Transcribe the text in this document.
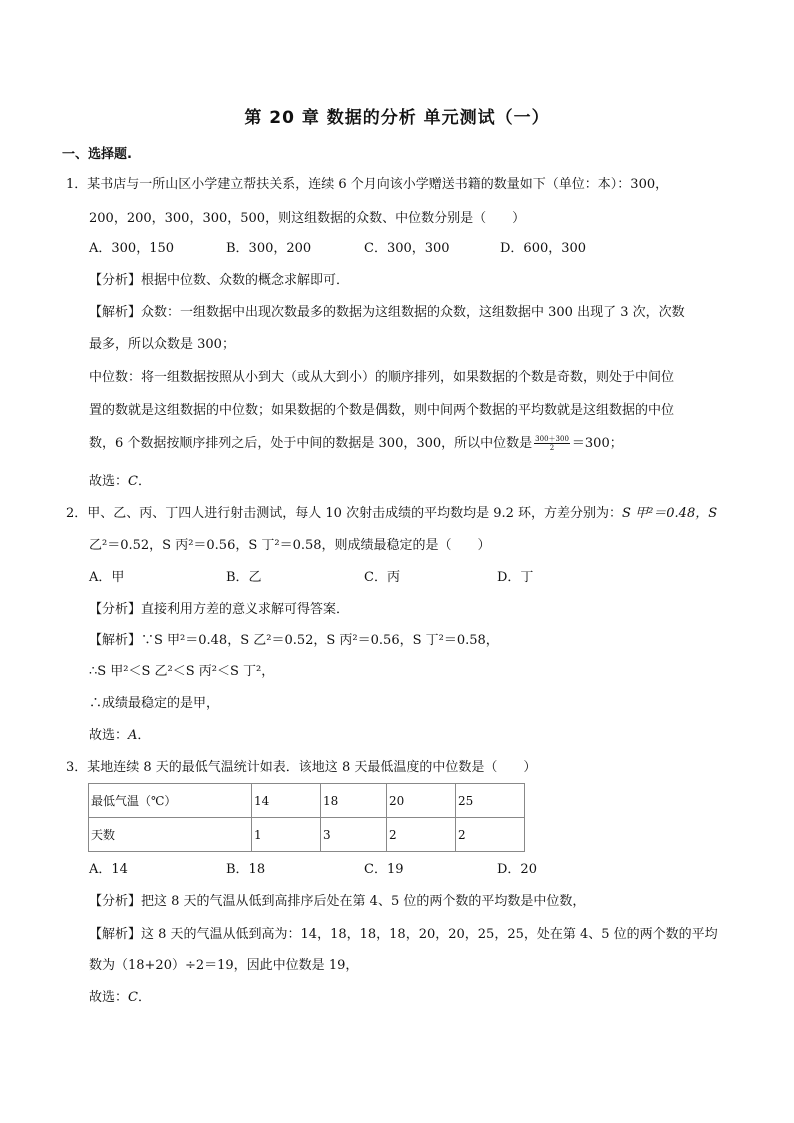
第 20 章 数据的分析 单元测试（一）
一、选择题.
1．某书店与一所山区小学建立帮扶关系，连续 6 个月向该小学赠送书籍的数量如下（单位：本）：300，
200，200，300，300，500，则这组数据的众数、中位数分别是（　　）
A．300，150	B．300，200	C．300，300	D．600，300
【分析】根据中位数、众数的概念求解即可．
【解析】众数：一组数据中出现次数最多的数据为这组数据的众数，这组数据中 300 出现了 3 次，次数
最多，所以众数是 300；
中位数：将一组数据按照从小到大（或从大到小）的顺序排列，如果数据的个数是奇数，则处于中间位
置的数就是这组数据的中位数；如果数据的个数是偶数，则中间两个数据的平均数就是这组数据的中位
数，6 个数据按顺序排列之后，处于中间的数据是 300，300，所以中位数是 $\frac{300+300}{2} =300$；
故选：C．
2．甲、乙、丙、丁四人进行射击测试，每人 10 次射击成绩的平均数均是 9.2 环，方差分别为：S 甲²＝0.48，S
乙²＝0.52，S 丙²＝0.56，S 丁²＝0.58，则成绩最稳定的是（　　）
A．甲	B．乙	C．丙	D．丁
【分析】直接利用方差的意义求解可得答案．
【解析】∵S 甲²＝0.48，S 乙²＝0.52，S 丙²＝0.56，S 丁²＝0.58，
∴S 甲²＜S 乙²＜S 丙²＜S 丁²，
∴成绩最稳定的是甲，
故选：A．
3．某地连续 8 天的最低气温统计如表．该地这 8 天最低温度的中位数是（　　）
最低气温（℃）	14	18	20	25
天数	1	3	2	2
A．14	B．18	C．19	D．20
【分析】把这 8 天的气温从低到高排序后处在第 4、5 位的两个数的平均数是中位数，
【解析】这 8 天的气温从低到高为：14，18，18，18，20，20，25，25，处在第 4、5 位的两个数的平均
数为（18+20）÷2＝19，因此中位数是 19，
故选：C．
